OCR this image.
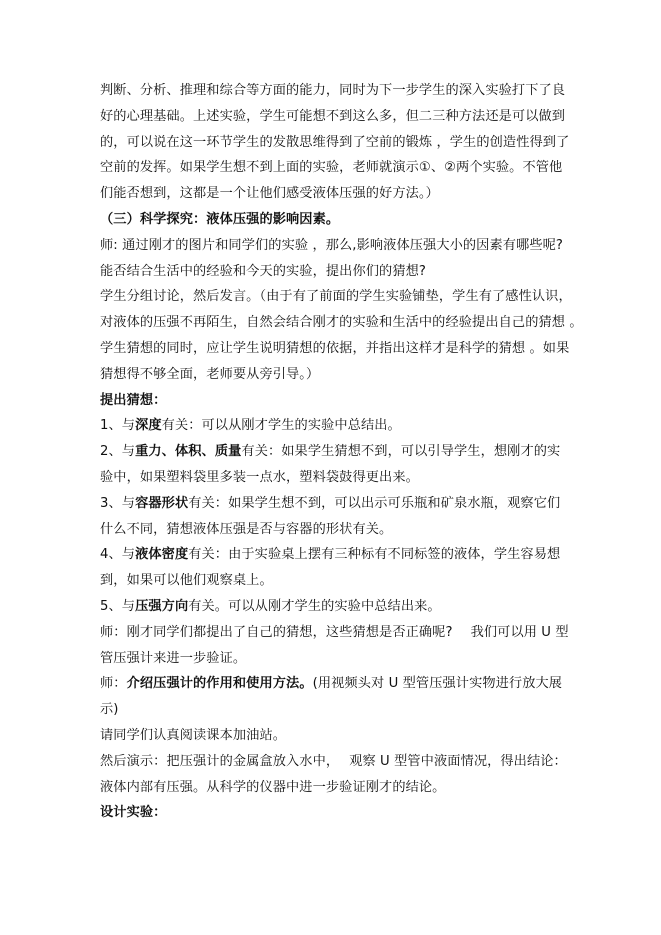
判断、分析、推理和综合等方面的能力，同时为下一步学生的深入实验打下了良
好的心理基础。上述实验，学生可能想不到这么多，但二三种方法还是可以做到
的，可以说在这一环节学生的发散思维得到了空前的锻炼 ，学生的创造性得到了
空前的发挥。如果学生想不到上面的实验，老师就演示①、②两个实验。不管他
们能否想到，这都是一个让他们感受液体压强的好方法。）
（三）科学探究：液体压强的影响因素。
师: 通过刚才的图片和同学们的实验 ，那么,影响液体压强大小的因素有哪些呢?
能否结合生活中的经验和今天的实验，提出你们的猜想?
学生分组讨论，然后发言。（由于有了前面的学生实验铺垫，学生有了感性认识，
对液体的压强不再陌生，自然会结合刚才的实验和生活中的经验提出自己的猜想 。
学生猜想的同时，应让学生说明猜想的依据，并指出这样才是科学的猜想 。如果
猜想得不够全面，老师要从旁引导。）
提出猜想：
1、与深度有关：可以从刚才学生的实验中总结出。
2、与重力、体积、质量有关：如果学生猜想不到，可以引导学生，想刚才的实
验中，如果塑料袋里多装一点水，塑料袋鼓得更出来。
3、与容器形状有关：如果学生想不到，可以出示可乐瓶和矿泉水瓶，观察它们
什么不同，猜想液体压强是否与容器的形状有关。
4、与液体密度有关：由于实验桌上摆有三种标有不同标签的液体，学生容易想
到，如果可以他们观察桌上。
5、与压强方向有关。可以从刚才学生的实验中总结出来。
师：刚才同学们都提出了自己的猜想，这些猜想是否正确呢? 我们可以用 U 型
管压强计来进一步验证。
师：介绍压强计的作用和使用方法。(用视频头对 U 型管压强计实物进行放大展
示)
请同学们认真阅读课本加油站。
然后演示：把压强计的金属盒放入水中， 观察 U 型管中液面情况，得出结论：
液体内部有压强。从科学的仪器中进一步验证刚才的结论。
设计实验：
